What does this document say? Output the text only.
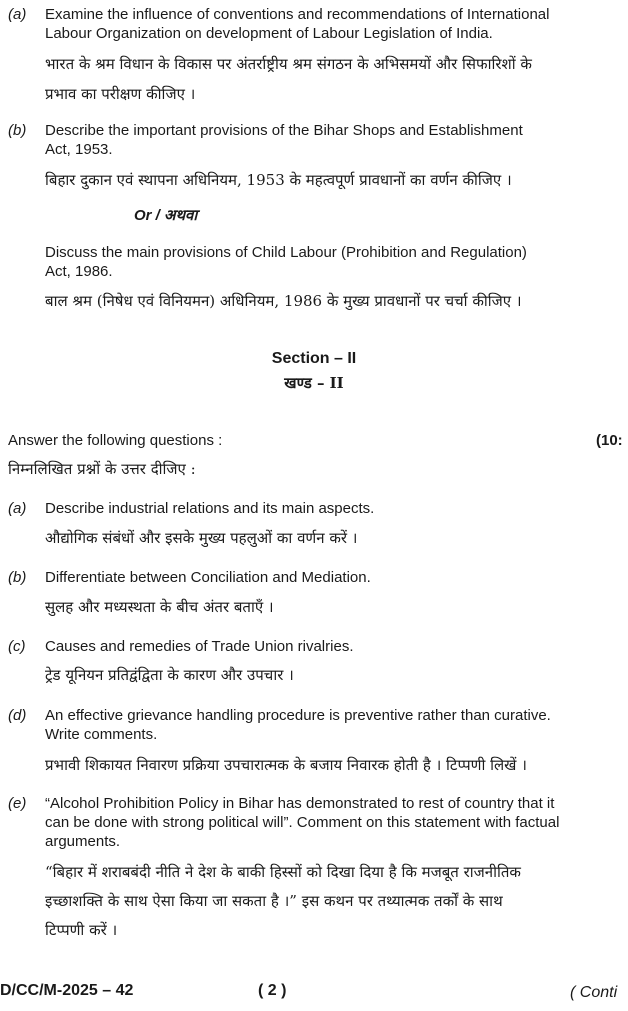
(a) Examine the influence of conventions and recommendations of International
Labour Organization on development of Labour Legislation of India.
भारत के श्रम विधान के विकास पर अंतर्राष्ट्रीय श्रम संगठन के अभिसमयों और सिफारिशों के
प्रभाव का परीक्षण कीजिए ।
(b) Describe the important provisions of the Bihar Shops and Establishment
Act, 1953.
बिहार दुकान एवं स्थापना अधिनियम, 1953 के महत्वपूर्ण प्रावधानों का वर्णन कीजिए ।
Or / अथवा
Discuss the main provisions of Child Labour (Prohibition and Regulation)
Act, 1986.
बाल श्रम (निषेध एवं विनियमन) अधिनियम, 1986 के मुख्य प्रावधानों पर चर्चा कीजिए ।
Section – II
खण्ड – II
Answer the following questions :	(10:
निम्नलिखित प्रश्नों के उत्तर दीजिए :
(a) Describe industrial relations and its main aspects.
औद्योगिक संबंधों और इसके मुख्य पहलुओं का वर्णन करें ।
(b) Differentiate between Conciliation and Mediation.
सुलह और मध्यस्थता के बीच अंतर बताएँ ।
(c) Causes and remedies of Trade Union rivalries.
ट्रेड यूनियन प्रतिद्वंद्विता के कारण और उपचार ।
(d) An effective grievance handling procedure is preventive rather than curative.
Write comments.
प्रभावी शिकायत निवारण प्रक्रिया उपचारात्मक के बजाय निवारक होती है । टिप्पणी लिखें ।
(e) “Alcohol Prohibition Policy in Bihar has demonstrated to rest of country that it
can be done with strong political will”. Comment on this statement with factual
arguments.
“बिहार में शराबबंदी नीति ने देश के बाकी हिस्सों को दिखा दिया है कि मजबूत राजनीतिक
इच्छाशक्ति के साथ ऐसा किया जा सकता है ।” इस कथन पर तथ्यात्मक तर्कों के साथ
टिप्पणी करें ।
D/CC/M-2025 – 42	( 2 )	( Conti
